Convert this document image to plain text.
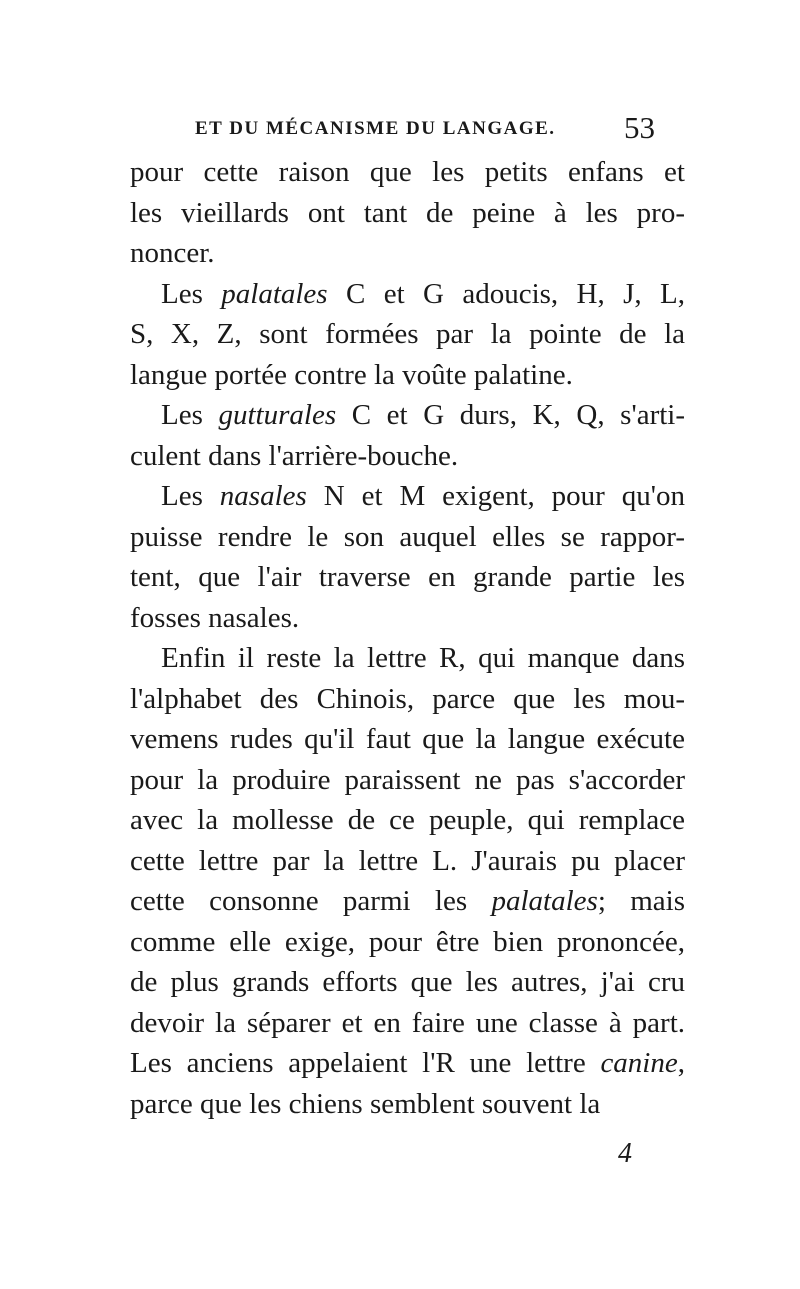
ET DU MÉCANISME DU LANGAGE. 53
pour cette raison que les petits enfans et
les vieillards ont tant de peine à les pro-
noncer.
Les palatales C et G adoucis, H, J, L,
S, X, Z, sont formées par la pointe de la
langue portée contre la voûte palatine.
Les gutturales C et G durs, K, Q, s'arti-
culent dans l'arrière-bouche.
Les nasales N et M exigent, pour qu'on
puisse rendre le son auquel elles se rappor-
tent, que l'air traverse en grande partie les
fosses nasales.
Enfin il reste la lettre R, qui manque dans
l'alphabet des Chinois, parce que les mou-
vemens rudes qu'il faut que la langue exécute
pour la produire paraissent ne pas s'accorder
avec la mollesse de ce peuple, qui remplace
cette lettre par la lettre L. J'aurais pu placer
cette consonne parmi les palatales; mais
comme elle exige, pour être bien prononcée,
de plus grands efforts que les autres, j'ai cru
devoir la séparer et en faire une classe à part.
Les anciens appelaient l'R une lettre canine,
parce que les chiens semblent souvent la
4
